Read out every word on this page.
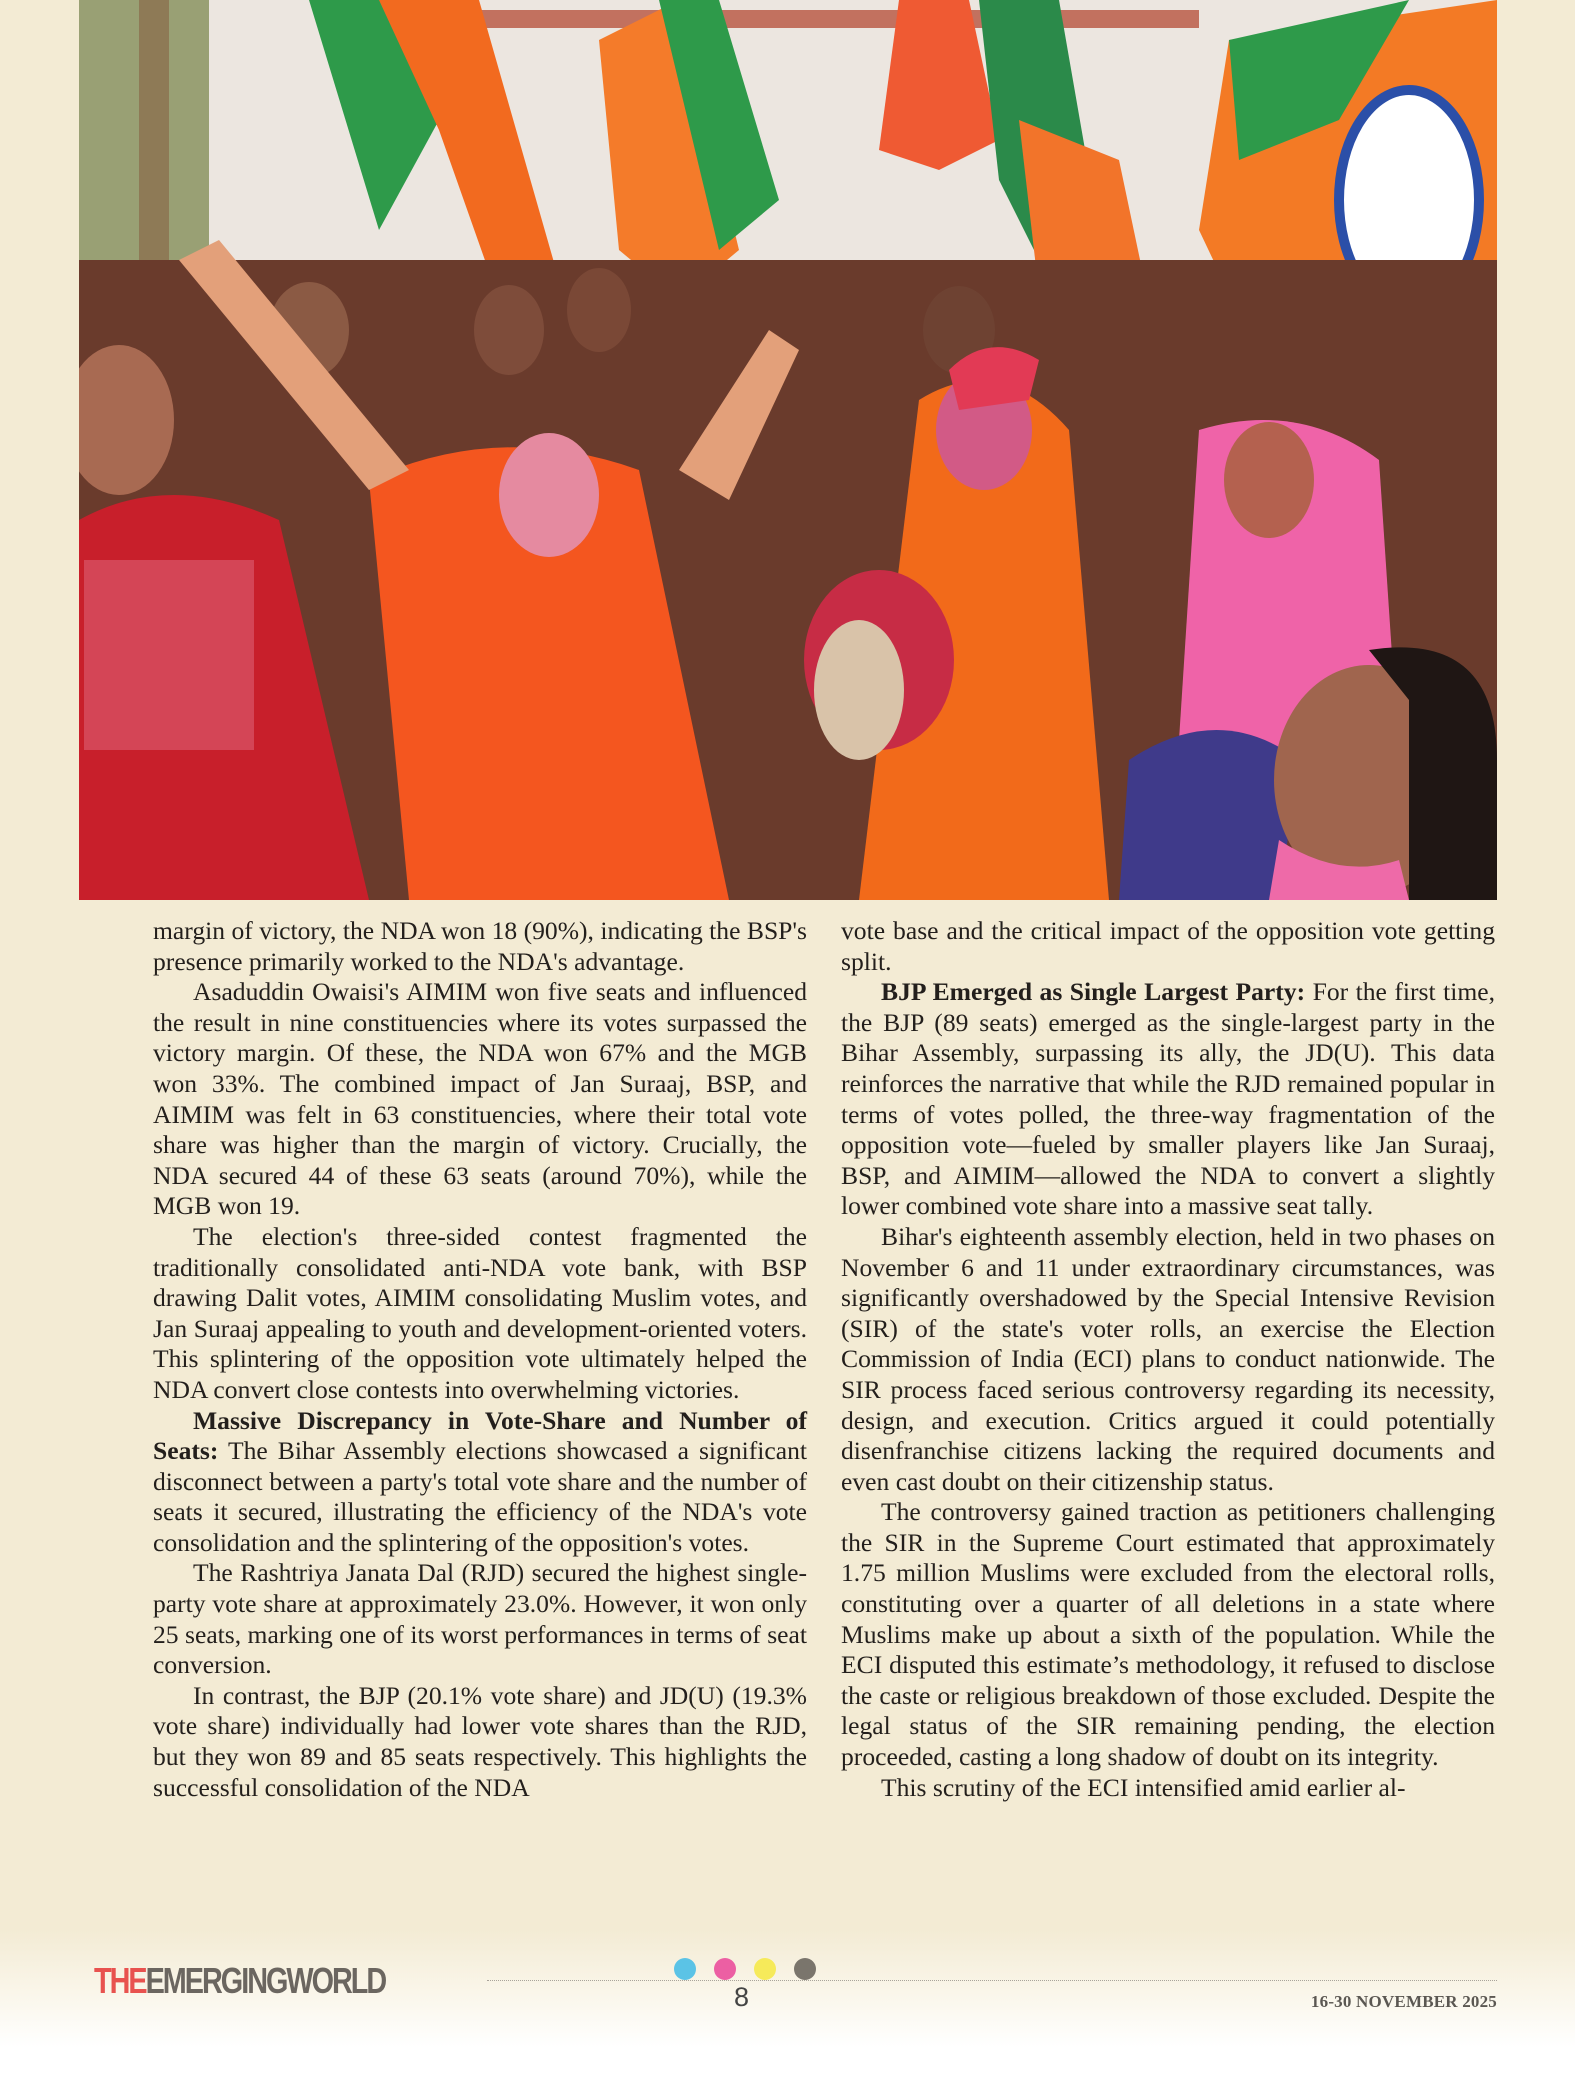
margin of victory, the NDA won 18 (90%), indicating the BSP's presence primarily worked to the NDA's advantage.

Asaduddin Owaisi's AIMIM won five seats and influenced the result in nine constituencies where its votes surpassed the victory margin. Of these, the NDA won 67% and the MGB won 33%. The combined impact of Jan Suraaj, BSP, and AIMIM was felt in 63 constituencies, where their total vote share was higher than the margin of victory. Crucially, the NDA secured 44 of these 63 seats (around 70%), while the MGB won 19.

The election's three-sided contest fragmented the traditionally consolidated anti-NDA vote bank, with BSP drawing Dalit votes, AIMIM consolidating Muslim votes, and Jan Suraaj appealing to youth and development-oriented voters. This splintering of the opposition vote ultimately helped the NDA convert close contests into overwhelming victories.

Massive Discrepancy in Vote-Share and Number of Seats: The Bihar Assembly elections showcased a significant disconnect between a party's total vote share and the number of seats it secured, illustrating the efficiency of the NDA's vote consolidation and the splintering of the opposition's votes.

The Rashtriya Janata Dal (RJD) secured the highest single-party vote share at approximately 23.0%. However, it won only 25 seats, marking one of its worst performances in terms of seat conversion.

In contrast, the BJP (20.1% vote share) and JD(U) (19.3% vote share) individually had lower vote shares than the RJD, but they won 89 and 85 seats respectively. This highlights the successful consolidation of the NDA

vote base and the critical impact of the opposition vote getting split.

BJP Emerged as Single Largest Party: For the first time, the BJP (89 seats) emerged as the single-largest party in the Bihar Assembly, surpassing its ally, the JD(U). This data reinforces the narrative that while the RJD remained popular in terms of votes polled, the three-way fragmentation of the opposition vote—fueled by smaller players like Jan Suraaj, BSP, and AIMIM—allowed the NDA to convert a slightly lower combined vote share into a massive seat tally.

Bihar's eighteenth assembly election, held in two phases on November 6 and 11 under extraordinary circumstances, was significantly overshadowed by the Special Intensive Revision (SIR) of the state's voter rolls, an exercise the Election Commission of India (ECI) plans to conduct nationwide. The SIR process faced serious controversy regarding its necessity, design, and execution. Critics argued it could potentially disenfranchise citizens lacking the required documents and even cast doubt on their citizenship status.

The controversy gained traction as petitioners challenging the SIR in the Supreme Court estimated that approximately 1.75 million Muslims were excluded from the electoral rolls, constituting over a quarter of all deletions in a state where Muslims make up about a sixth of the population. While the ECI disputed this estimate’s methodology, it refused to disclose the caste or religious breakdown of those excluded. Despite the legal status of the SIR remaining pending, the election proceeded, casting a long shadow of doubt on its integrity.

This scrutiny of the ECI intensified amid earlier al-

THEEMERGINGWORLD	8	16-30 NOVEMBER 2025
